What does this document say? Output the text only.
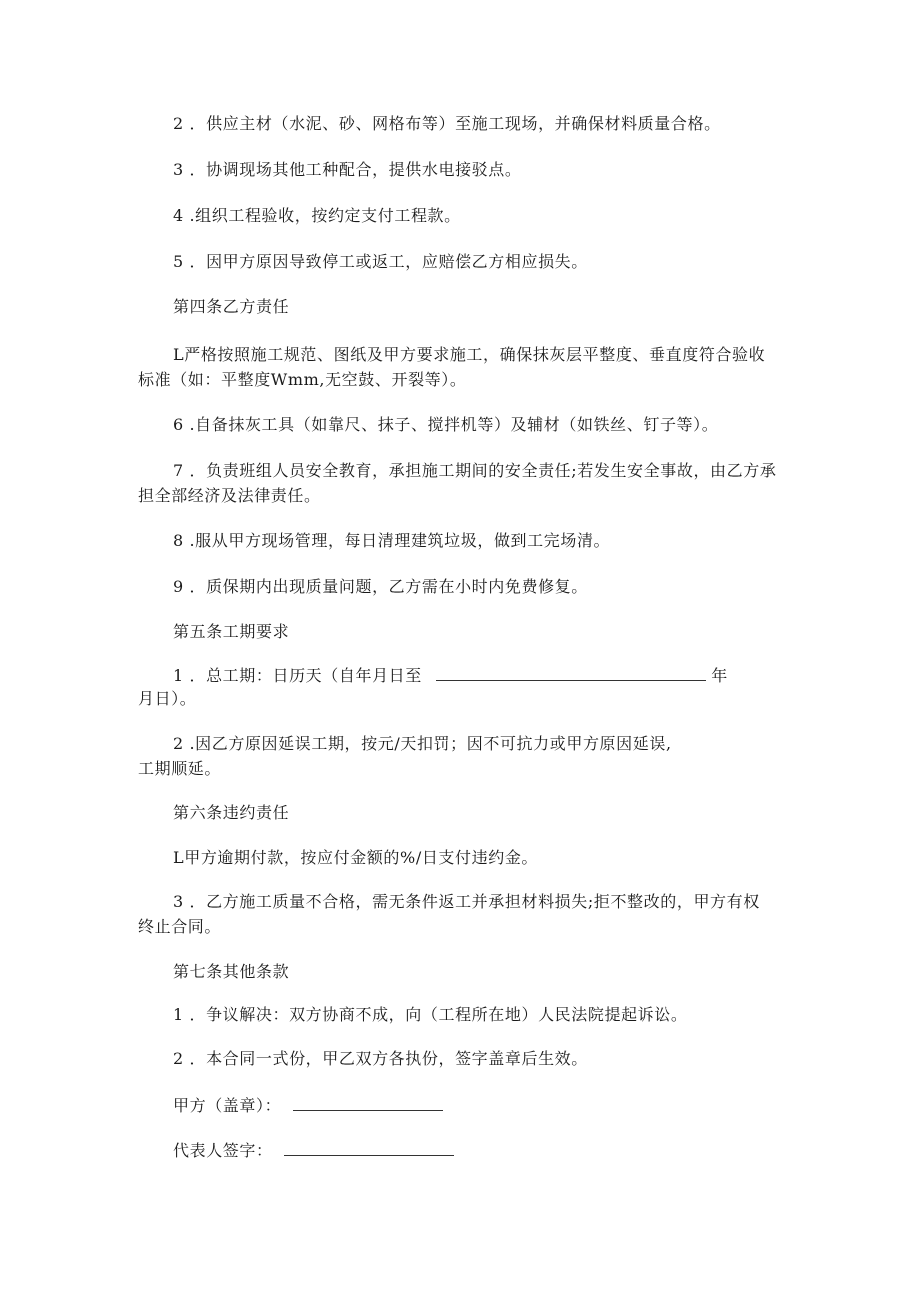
2 ．供应主材（水泥、砂、网格布等）至施工现场，并确保材料质量合格。
3 ．协调现场其他工种配合，提供水电接驳点。
4 .组织工程验收，按约定支付工程款。
5 ．因甲方原因导致停工或返工，应赔偿乙方相应损失。
第四条乙方责任
L严格按照施工规范、图纸及甲方要求施工，确保抹灰层平整度、垂直度符合验收
标准（如：平整度Wmm,无空鼓、开裂等）。
6 .自备抹灰工具（如靠尺、抹子、搅拌机等）及辅材（如铁丝、钉子等）。
7 ．负责班组人员安全教育，承担施工期间的安全责任;若发生安全事故，由乙方承
担全部经济及法律责任。
8 .服从甲方现场管理，每日清理建筑垃圾，做到工完场清。
9 ．质保期内出现质量问题，乙方需在小时内免费修复。
第五条工期要求
1 ．总工期：日历天（自年月日至	年
月日）。
2 .因乙方原因延误工期，按元/天扣罚；因不可抗力或甲方原因延误,
工期顺延。
第六条违约责任
L甲方逾期付款，按应付金额的%/日支付违约金。
3 ．乙方施工质量不合格，需无条件返工并承担材料损失;拒不整改的，甲方有权
终止合同。
第七条其他条款
1 ．争议解决：双方协商不成，向（工程所在地）人民法院提起诉讼。
2 ．本合同一式份，甲乙双方各执份，签字盖章后生效。
甲方（盖章）：
代表人签字：
